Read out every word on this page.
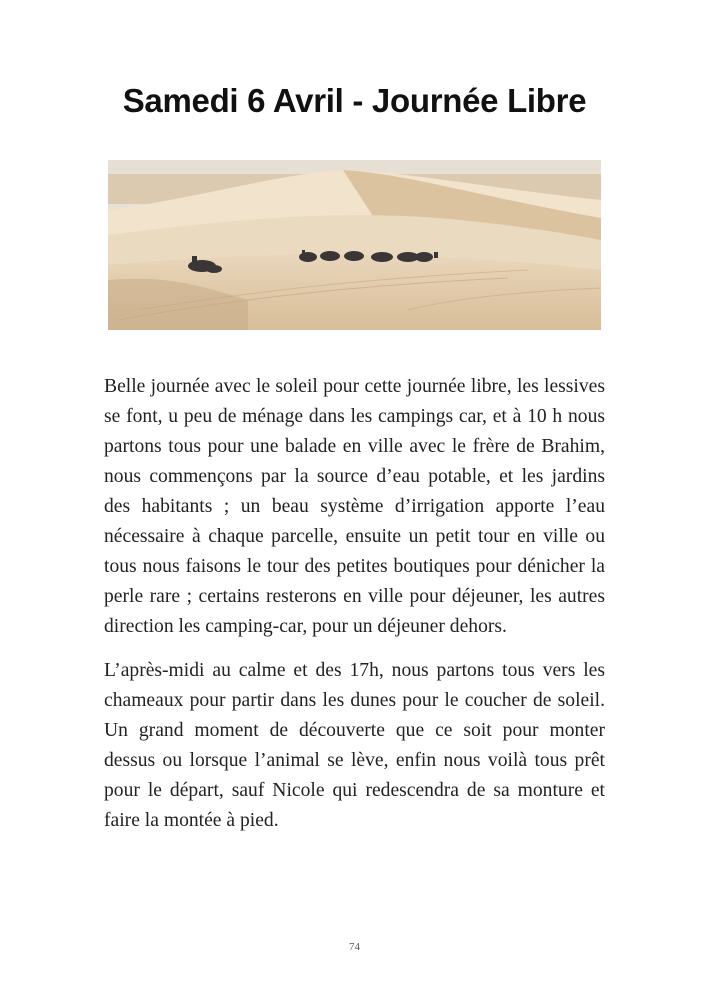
Samedi 6 Avril - Journée Libre

Belle journée avec le soleil pour cette journée libre, les lessives se font, u peu de ménage dans les campings car, et à 10 h nous partons tous pour une balade en ville avec le frère de Brahim, nous commençons par la source d’eau potable, et les jardins des habitants ; un beau système d’irrigation apporte l’eau nécessaire à chaque parcelle, ensuite un petit tour en ville ou tous nous faisons le tour des petites boutiques pour dénicher la perle rare ; certains resterons en ville pour déjeuner, les autres direction les camping-car, pour un déjeuner dehors.

L’après-midi au calme et des 17h, nous partons tous vers les chameaux pour partir dans les dunes pour le coucher de soleil. Un grand moment de découverte que ce soit pour monter dessus ou lorsque l’animal se lève, enfin nous voilà tous prêt pour le départ, sauf Nicole qui redescendra de sa monture et faire la montée à pied.

74
